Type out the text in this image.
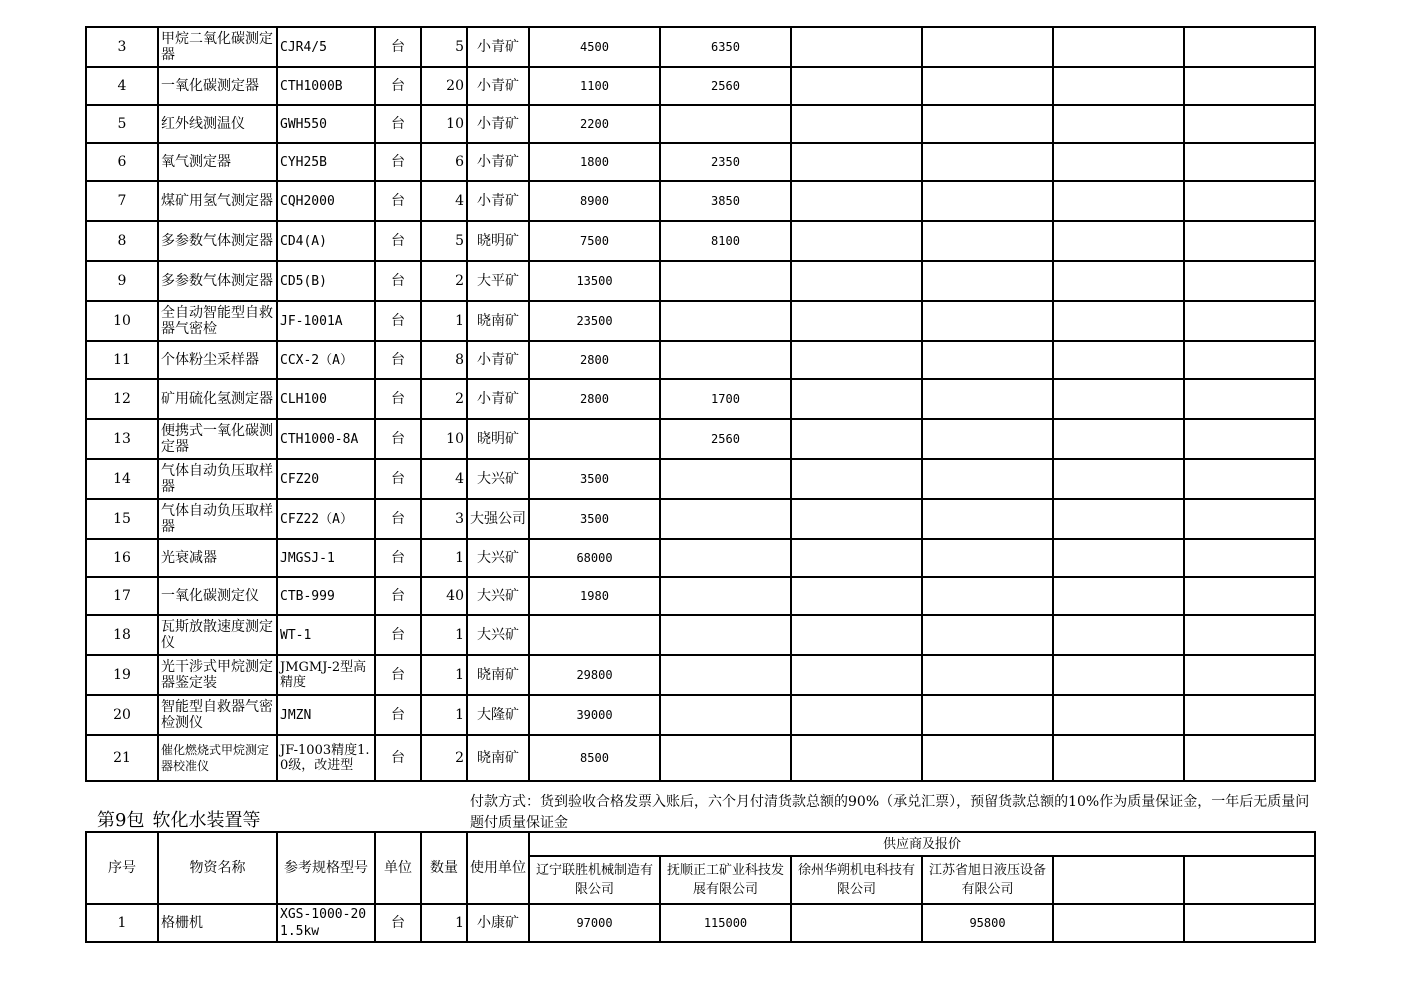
3	甲烷二氧化碳测定器	CJR4/5	台	5	小青矿	4500	6350				
4	一氧化碳测定器	CTH1000B	台	20	小青矿	1100	2560				
5	红外线测温仪	GWH550	台	10	小青矿	2200					
6	氧气测定器	CYH25B	台	6	小青矿	1800	2350				
7	煤矿用氢气测定器	CQH2000	台	4	小青矿	8900	3850				
8	多参数气体测定器	CD4(A)	台	5	晓明矿	7500	8100				
9	多参数气体测定器	CD5(B)	台	2	大平矿	13500					
10	全自动智能型自救器气密检	JF-1001A	台	1	晓南矿	23500					
11	个体粉尘采样器	CCX-2（A）	台	8	小青矿	2800					
12	矿用硫化氢测定器	CLH100	台	2	小青矿	2800	1700				
13	便携式一氧化碳测定器	CTH1000-8A	台	10	晓明矿		2560				
14	气体自动负压取样器	CFZ20	台	4	大兴矿	3500					
15	气体自动负压取样器	CFZ22（A）	台	3	大强公司	3500					
16	光衰减器	JMGSJ-1	台	1	大兴矿	68000					
17	一氧化碳测定仪	CTB-999	台	40	大兴矿	1980					
18	瓦斯放散速度测定仪	WT-1	台	1	大兴矿						
19	光干涉式甲烷测定器鉴定装	JMGMJ-2型高精度	台	1	晓南矿	29800					
20	智能型自救器气密检测仪	JMZN	台	1	大隆矿	39000					
21	催化燃烧式甲烷测定器校准仪	JF-1003精度1.0级，改进型	台	2	晓南矿	8500					
第9包 软化水装置等
付款方式：货到验收合格发票入账后，六个月付清货款总额的90%（承兑汇票），预留货款总额的10%作为质量保证金，一年后无质量问题付质量保证金
序号	物资名称	参考规格型号	单位	数量	使用单位	供应商及报价					
						辽宁联胜机械制造有限公司	抚顺正工矿业科技发展有限公司	徐州华朔机电科技有限公司	江苏省旭日液压设备有限公司		
1	格栅机	XGS-1000-201.5kw	台	1	小康矿	97000	115000		95800		
